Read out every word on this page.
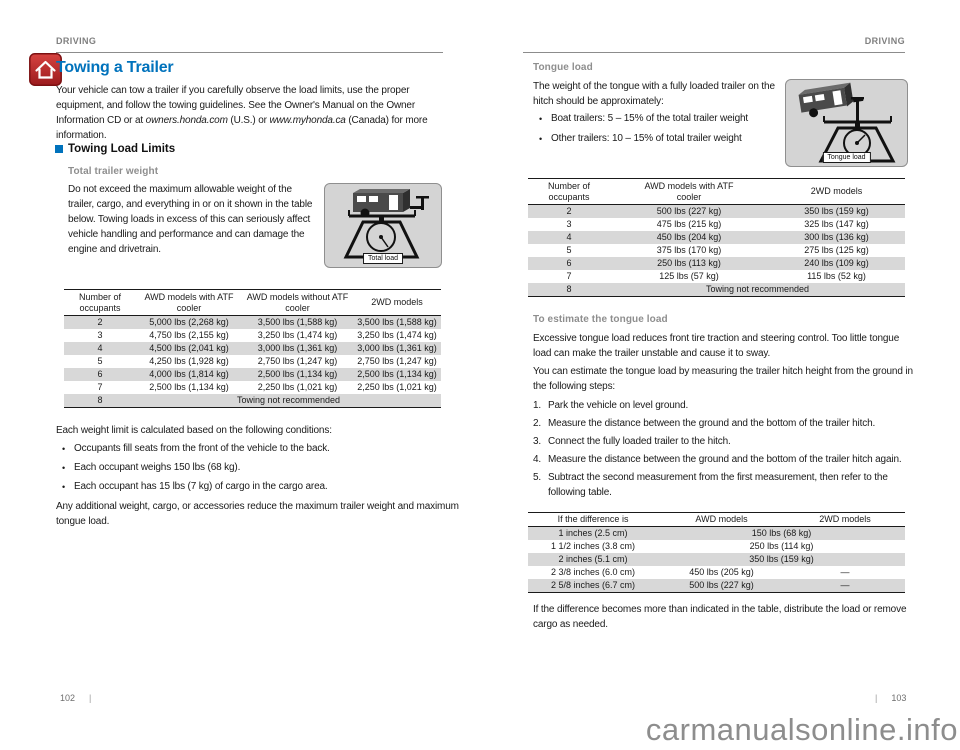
DRIVING
Towing a Trailer
Your vehicle can tow a trailer if you carefully observe the load limits, use the proper equipment, and follow the towing guidelines. See the Owner's Manual on the Owner Information CD or at owners.honda.com (U.S.) or www.myhonda.ca (Canada) for more information.
Towing Load Limits
Total trailer weight
Do not exceed the maximum allowable weight of the trailer, cargo, and everything in or on it shown in the table below. Towing loads in excess of this can seriously affect vehicle handling and performance and can damage the engine and drivetrain.
Total load
Number of occupants	AWD models with ATF cooler	AWD models without ATF cooler	2WD models
2	5,000 lbs (2,268 kg)	3,500 lbs (1,588 kg)	3,500 lbs (1,588 kg)
3	4,750 lbs (2,155 kg)	3,250 lbs (1,474 kg)	3,250 lbs (1,474 kg)
4	4,500 lbs (2,041 kg)	3,000 lbs (1,361 kg)	3,000 lbs (1,361 kg)
5	4,250 lbs (1,928 kg)	2,750 lbs (1,247 kg)	2,750 lbs (1,247 kg)
6	4,000 lbs (1,814 kg)	2,500 lbs (1,134 kg)	2,500 lbs (1,134 kg)
7	2,500 lbs (1,134 kg)	2,250 lbs (1,021 kg)	2,250 lbs (1,021 kg)
8	Towing not recommended		
Each weight limit is calculated based on the following conditions:
• Occupants fill seats from the front of the vehicle to the back.
• Each occupant weighs 150 lbs (68 kg).
• Each occupant has 15 lbs (7 kg) of cargo in the cargo area.
Any additional weight, cargo, or accessories reduce the maximum trailer weight and maximum tongue load.
102 |
DRIVING
Tongue load
The weight of the tongue with a fully loaded trailer on the hitch should be approximately:
• Boat trailers: 5 – 15% of the total trailer weight
• Other trailers: 10 – 15% of total trailer weight
Tongue load
Number of occupants	AWD models with ATF cooler	2WD models
2	500 lbs (227 kg)	350 lbs (159 kg)
3	475 lbs (215 kg)	325 lbs (147 kg)
4	450 lbs (204 kg)	300 lbs (136 kg)
5	375 lbs (170 kg)	275 lbs (125 kg)
6	250 lbs (113 kg)	240 lbs (109 kg)
7	125 lbs (57 kg)	115 lbs (52 kg)
8	Towing not recommended	
To estimate the tongue load
Excessive tongue load reduces front tire traction and steering control. Too little tongue load can make the trailer unstable and cause it to sway.
You can estimate the tongue load by measuring the trailer hitch height from the ground in the following steps:
1. Park the vehicle on level ground.
2. Measure the distance between the ground and the bottom of the trailer hitch.
3. Connect the fully loaded trailer to the hitch.
4. Measure the distance between the ground and the bottom of the trailer hitch again.
5. Subtract the second measurement from the first measurement, then refer to the following table.
If the difference is	AWD models	2WD models
1 inches (2.5 cm)	150 lbs (68 kg)	
1 1/2 inches (3.8 cm)	250 lbs (114 kg)	
2 inches (5.1 cm)	350 lbs (159 kg)	
2 3/8 inches (6.0 cm)	450 lbs (205 kg)	—
2 5/8 inches (6.7 cm)	500 lbs (227 kg)	—
If the difference becomes more than indicated in the table, distribute the load or remove cargo as needed.
| 103
carmanualsonline.info
